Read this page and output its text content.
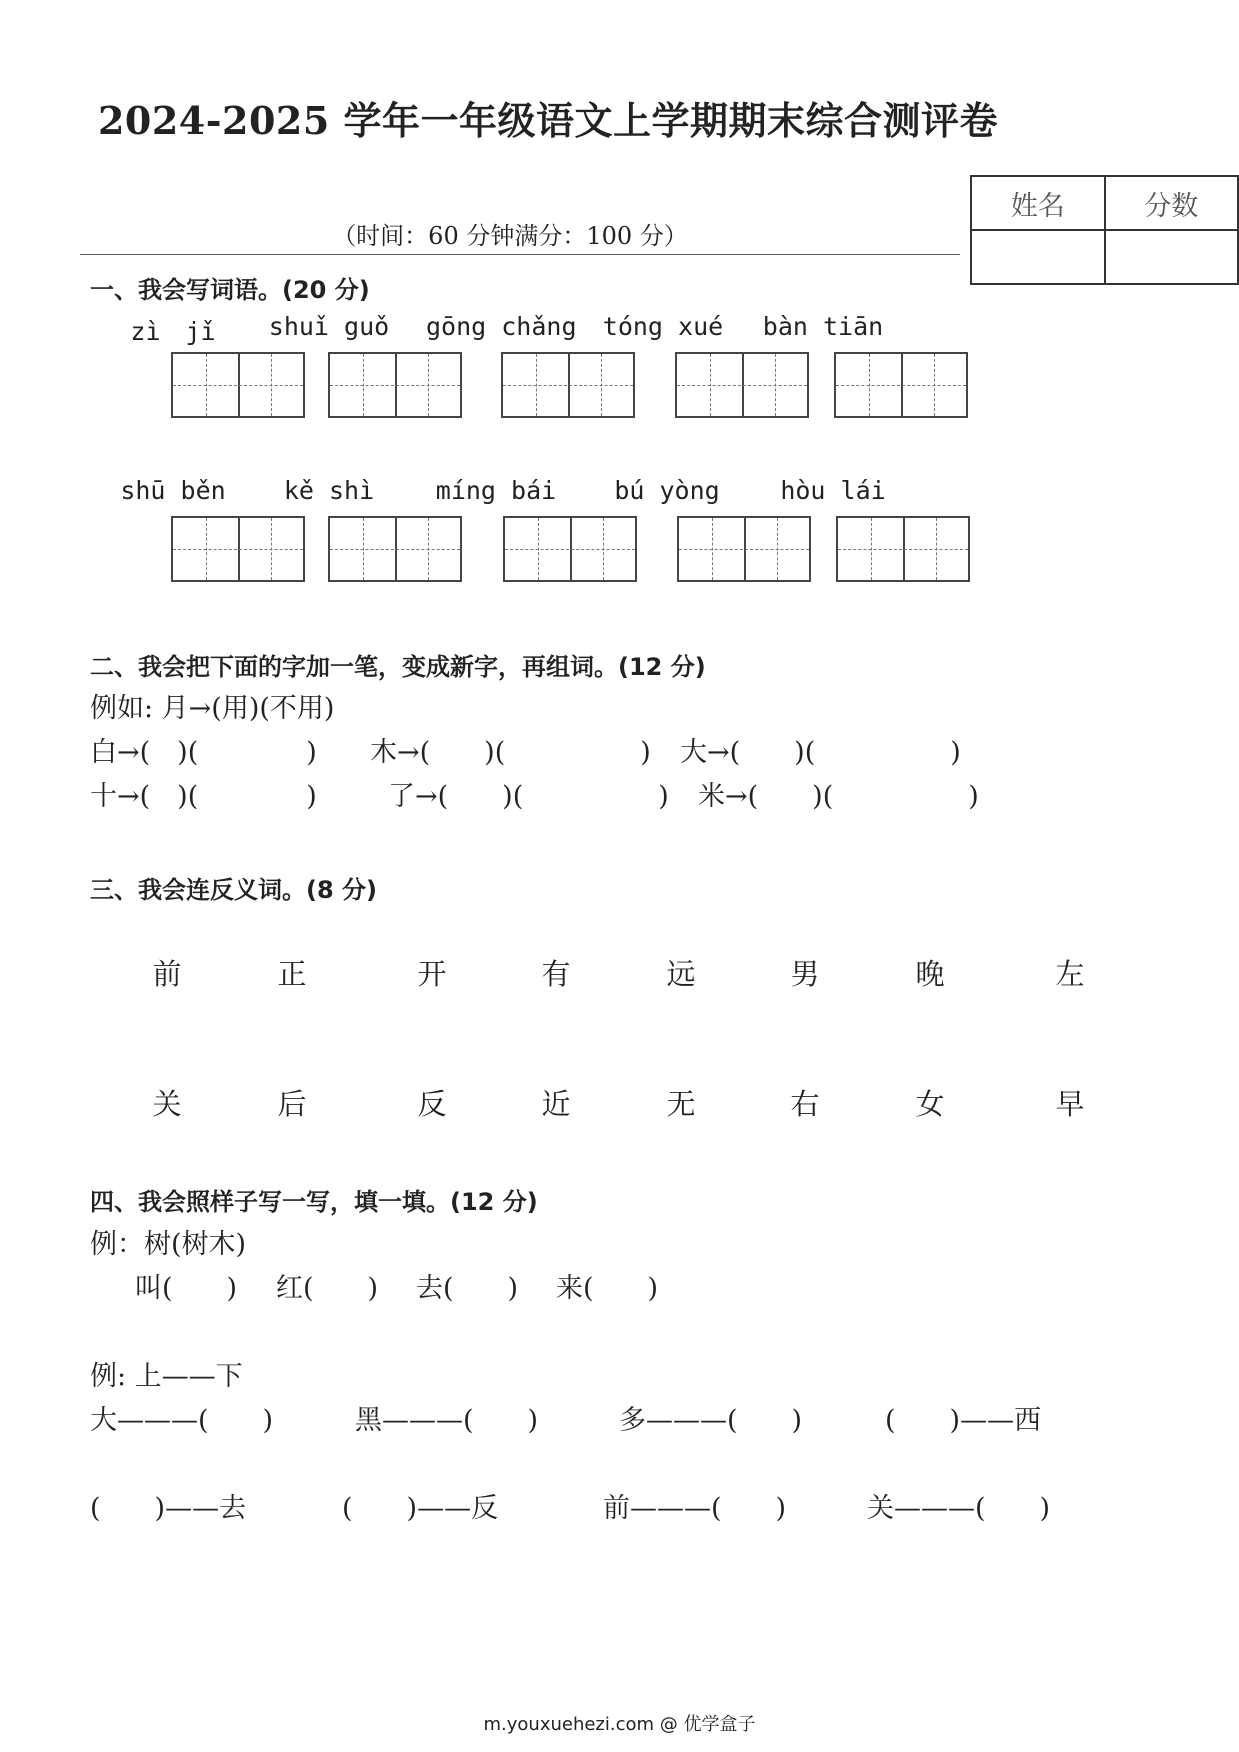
2024-2025 学年一年级语文上学期期末综合测评卷
姓名	分数

（时间：60 分钟满分：100 分）
一、我会写词语。(20 分)
zì　jǐ	shuǐ guǒ	gōng chǎng	tóng xué	bàn tiān
shū běn	kě shì	míng bái	bú yòng	hòu lái
二、我会把下面的字加一笔，变成新字，再组词。(12 分)
例如: 月→(用)(不用)
白→(　)(　　　　) 木→(　　)(　　　　　) 大→(　　)(　　　　　)
十→(　)(　　　　)	了→(　　)(　　　　　) 米→(　　)(　　　　　)
三、我会连反义词。(8 分)
前	正	开	有	远	男	晚	左
关	后	反	近	无	右	女	早
四、我会照样子写一写，填一填。(12 分)
例：树(树木)
叫(　　) 红(　　) 去(　　) 来(　　)
例: 上——下
大———(　　)	黑———(　　)	多———(　　)	(　　)——西
(　　)——去	(　　)——反	前———(　　)	关———(　　)
m.youxuehezi.com @ 优学盒子
